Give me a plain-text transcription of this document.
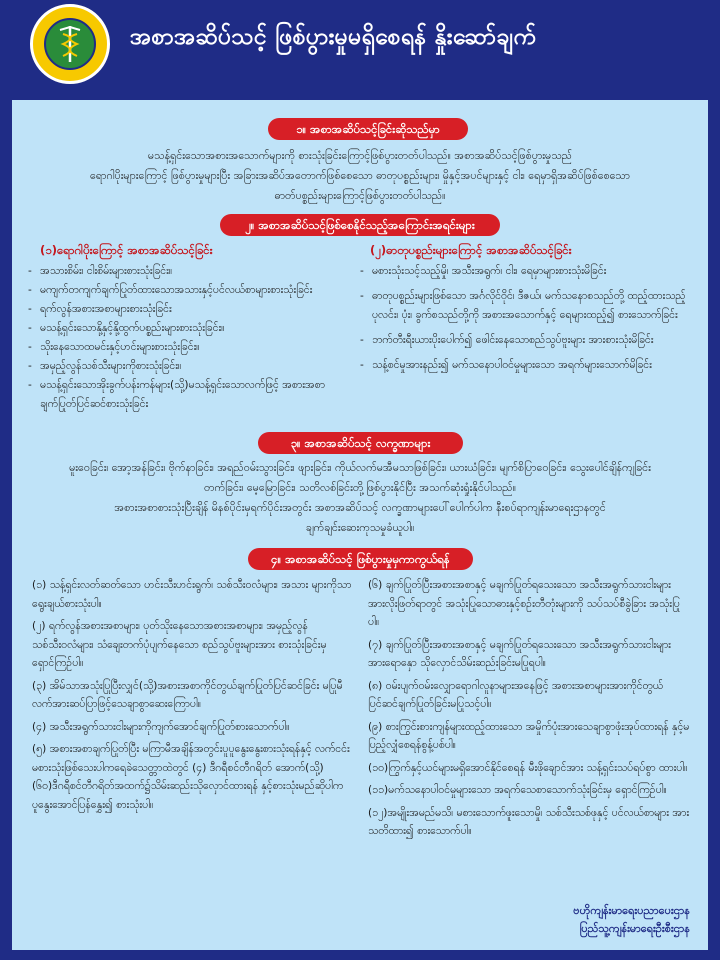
အစာအဆိပ်သင့် ဖြစ်ပွားမှုမရှိစေရန် နှိုးဆော်ချက်
၁။ အစာအဆိပ်သင့်ခြင်းဆိုသည်မှာ
မသန့်ရှင်းသောအစားအသောက်များကို စားသုံးခြင်းကြောင့်ဖြစ်ပွားတတ်ပါသည်။ အစာအဆိပ်သင့်ဖြစ်ပွားမှုသည်
ရောဂါပိုးများကြောင့် ဖြစ်ပွားမှုများပြီး အခြားအဆိပ်အတောက်ဖြစ်စေသော ဓာတုပစ္စည်းများ၊ မှိုနှင့်အပင်များနှင့် ငါး၊ ရေမှာရှိအဆိပ်ဖြစ်စေသော
ဓာတ်ပစ္စည်းများကြောင့်ဖြစ်ပွားတတ်ပါသည်။
၂။ အစာအဆိပ်သင့်ဖြစ်စေနိုင်သည့်အကြောင်းအရင်းများ
(၁)ရောဂါပိုးကြောင့် အစာအဆိပ်သင့်ခြင်း
- အသားစိမ်း၊ ငါးစိမ်းများစားသုံးခြင်း။
- မကျက်တကျက်ချက်ပြုတ်ထားသောအသားနှင့်ပင်လယ်စာများစားသုံးခြင်း
- ရက်လွန်အစားအစာများစားသုံးခြင်း
- မသန့်ရှင်းသောနို့နှင့်နို့ထွက်ပစ္စည်းများစားသုံးခြင်း။
- သိုးနေသောထမင်းနှင့်ဟင်းများစားသုံးခြင်း။
- အမှည့်လွန်သစ်သီးများကိုစားသုံးခြင်း။
- မသန့်ရှင်းသောအိုးခွက်ပန်းကန်များ(သို့)မသန့်ရှင်းသောလက်ဖြင့် အစားအစာချက်ပြုတ်ပြင်ဆင်စားသုံးခြင်း
(၂)ဓာတုပစ္စည်းများကြောင့် အစာအဆိပ်သင့်ခြင်း
- မစားသုံးသင့်သည့်မှို၊ အသီးအရွက်၊ ငါး၊ ရေမှာများစားသုံးမိခြင်း
- ဓာတုပစ္စည်းများဖြစ်သော အင်္ဂလိုင်ဝိုင်၊ ဒီဇယ်၊ မက်သနောစသည်တို့ ထည့်ထားသည့် ပုလင်း၊ ပုံး၊ ခွက်စသည်တို့ကို အစားအသောက်နှင့် ရေများထည့်၍ စားသောက်ခြင်း
- ဘက်တီးရီးယားပိုးပေါက်၍ ဖေါင်းနေသောစည်သွပ်ဗူးများ အားစားသုံးမိခြင်း
- သန့်စင်မှုအားနည်း၍ မက်သနောပါဝင်မှုများသော အရက်များသောက်မိခြင်း
၃။ အစာအဆိပ်သင့် လက္ခဏာများ
မူးဝေခြင်း၊ အော့အန်ခြင်း၊ ဗိုက်နာခြင်း၊ အရည်ဝမ်းသွားခြင်း၊ ဖျားခြင်း၊ ကိုယ်လက်မအီမသာဖြစ်ခြင်း၊ ယားယံခြင်း၊ မျက်စိပြာဝေခြင်း၊ သွေးပေါင်ချိန်ကျခြင်း
တက်ခြင်း၊ မေ့မြောခြင်း၊ သတိလစ်ခြင်းတို့ဖြစ်ပွားနိုင်ပြီး အသက်ဆုံးရှုံးနိုင်ပါသည်။
အစားအစာစားသုံးပြီးချိန် မိနစ်ပိုင်းမှရက်ပိုင်းအတွင်း အစာအဆိပ်သင့် လက္ခဏာများပေါ်ပေါက်ပါက နီးစပ်ရာကျန်းမာရေးဌာနတွင်
ချက်ချင်းဆေးကုသမှုခံယူပါ။
၄။ အစာအဆိပ်သင့် ဖြစ်ပွားမှုမှကာကွယ်ရန်
(၁) သန့်ရှင်းလတ်ဆတ်သော ဟင်းသီးဟင်းရွက်၊ သစ်သီးဝလံများ၊ အသား များကိုသာရွေးချယ်စားသုံးပါ။
(၂) ရက်လွန်အစားအစာများ၊ ပုတ်သိုးနေသောအစားအစာများ၊ အမှည့်လွန် သစ်သီးဝလံများ၊ သံချေးတက်ပုံပျက်နေသော စည်သွပ်ဗူးများအား စားသုံးခြင်းမှရှောင်ကြဉ်ပါ။
(၃) အိမ်သာအသုံးပြုပြီးလျှင်(သို့)အစားအစာကိုင်တွယ်ချက်ပြုတ်ပြင်ဆင်ခြင်း မပြုမီ လက်အားဆပ်ပြာဖြင့်သေချာစွာဆေးကြောပါ။
(၄) အသီးအရွက်သားငါးများကိုကျက်အောင်ချက်ပြုတ်စားသောက်ပါ။
(၅) အစားအစာချက်ပြုတ်ပြီး မကြာမီအချိန်အတွင်းပူပူနွေးနွေးစားသုံးရန်နှင့် လက်ငင်းမစားသုံးဖြစ်သေးပါကရေခဲသေတ္တာထဲတွင် (၄) ဒီဂရီစင်တီဂရိတ် အောက်(သို့)(၆၀)ဒီဂရီစင်တီဂရိတ်အထက်၌သိမ်းဆည်းသိုလှောင်ထားရန် နှင့်စားသုံးမည်ဆိုပါက ပူနွေးအောင်ပြန်နွှေး၍ စားသုံးပါ။
(၆) ချက်ပြုတ်ပြီးအစားအစာနှင့် မချက်ပြုတ်ရသေးသော အသီးအရွက်သားငါးများ အားလိုးဖြတ်ရာတွင် အသုံးပြုသောဓားနှင့်စဉ်းတီတုံးများကို သပ်သပ်စီခွဲခြား အသုံးပြုပါ။
(၇) ချက်ပြုတ်ပြီးအစားအစာနှင့် မချက်ပြုတ်ရသေးသော အသီးအရွက်သားငါးများ အားရောနှော သိုလှောင်သိမ်းဆည်းခြင်းမပြုရပါ။
(၈) ဝမ်းပျက်ဝမ်းလျှောရောဂါလူနာများအနေဖြင့် အစားအစာများအားကိုင်တွယ် ပြင်ဆင်ချက်ပြုတ်ခြင်းမပြုသင့်ပါ။
(၉) စားကြွင်းစားကျန်များထည့်ထားသော အမှိုက်ပုံးအားသေချာစွာဖုံးအုပ်ထားရန် နှင့်မပြည့်လျှံစေရန်စွန့်ပစ်ပါ။
(၁၀)ကြွက်နှင့်ယင်များမရှိအောင်နိုင်စေရန် မီးဖိုချောင်အား သန့်ရှင်းသပ်ရပ်စွာ ထားပါ။
(၁၁)မက်သနောပါဝင်မှုများသော အရက်သေစာသောက်သုံးခြင်းမှ ရှောင်ကြဉ်ပါ။
(၁၂)အမျိုးအမည်မသိ၊ မစားသောက်ဖူးသောမှို၊ သစ်သီးသစ်ဖုနှင့် ပင်လယ်စာများ အားသတိထား၍ စားသောက်ပါ။
ဗဟိုကျန်းမာရေးပညာပေးဌာန
ပြည်သူ့ကျန်းမာရေးဦးစီးဌာန
